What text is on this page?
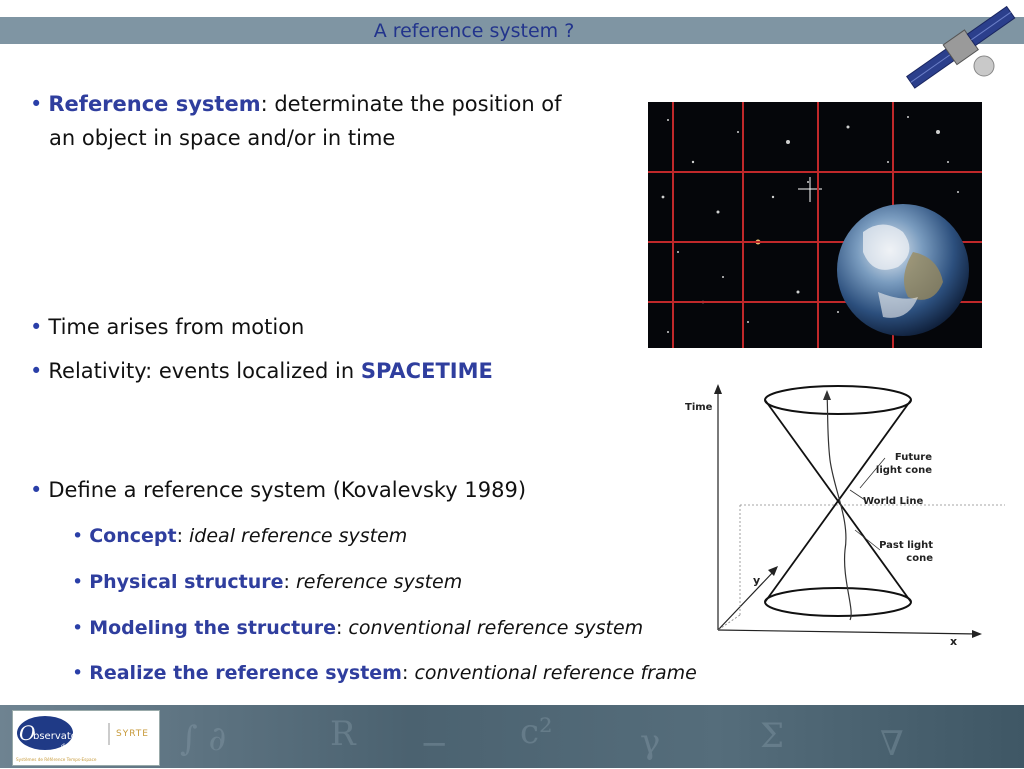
A reference system ?
• Reference system: determinate the position of
an object in space and/or in time
• Time arises from motion
• Relativity: events localized in SPACETIME
• Define a reference system (Kovalevsky 1989)
• Concept: ideal reference system
• Physical structure: reference system
• Modeling the structure: conventional reference system
• Realize the reference system: conventional reference frame
Time
Future
light cone
World Line
Past light
cone
y
x
∫ ∂	R − c²	γ	Σ	∇
O
bservatoire
de Paris
SYRTE
Systèmes de Référence Temps-Espace
